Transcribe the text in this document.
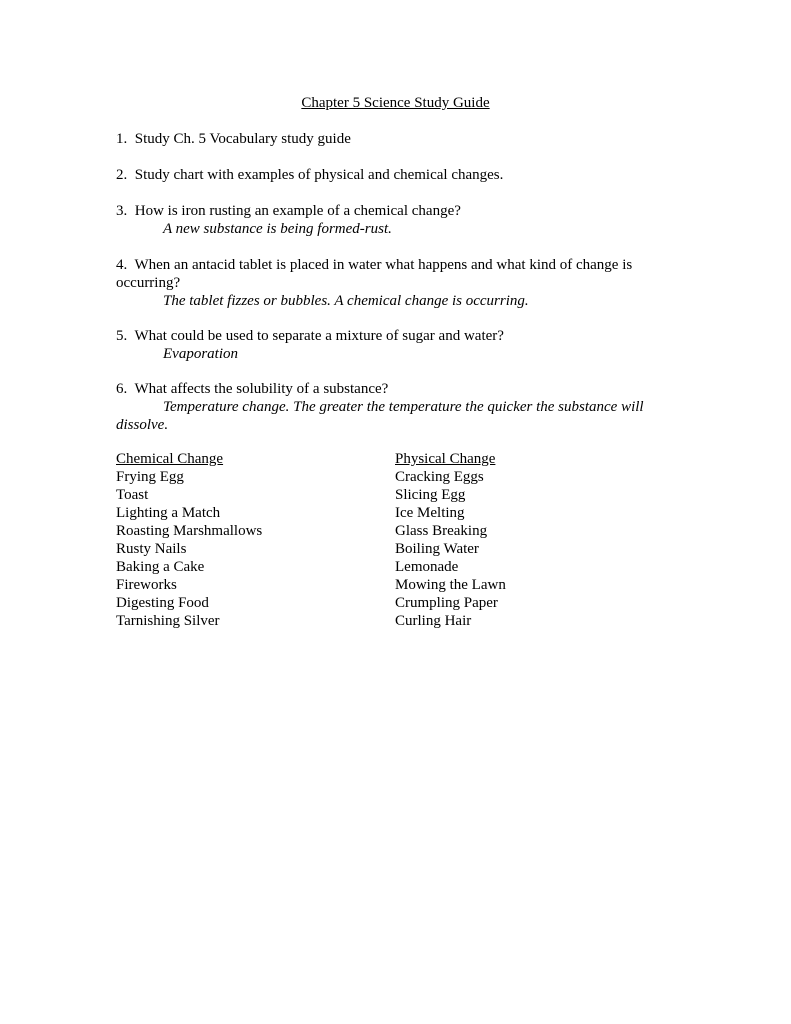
Chapter 5 Science Study Guide
1. Study Ch. 5 Vocabulary study guide
2. Study chart with examples of physical and chemical changes.
3. How is iron rusting an example of a chemical change?
A new substance is being formed-rust.
4. When an antacid tablet is placed in water what happens and what kind of change is occurring?
The tablet fizzes or bubbles. A chemical change is occurring.
5. What could be used to separate a mixture of sugar and water?
Evaporation
6. What affects the solubility of a substance?
Temperature change. The greater the temperature the quicker the substance will dissolve.
Chemical Change
Frying Egg
Toast
Lighting a Match
Roasting Marshmallows
Rusty Nails
Baking a Cake
Fireworks
Digesting Food
Tarnishing Silver
Physical Change
Cracking Eggs
Slicing Egg
Ice Melting
Glass Breaking
Boiling Water
Lemonade
Mowing the Lawn
Crumpling Paper
Curling Hair
